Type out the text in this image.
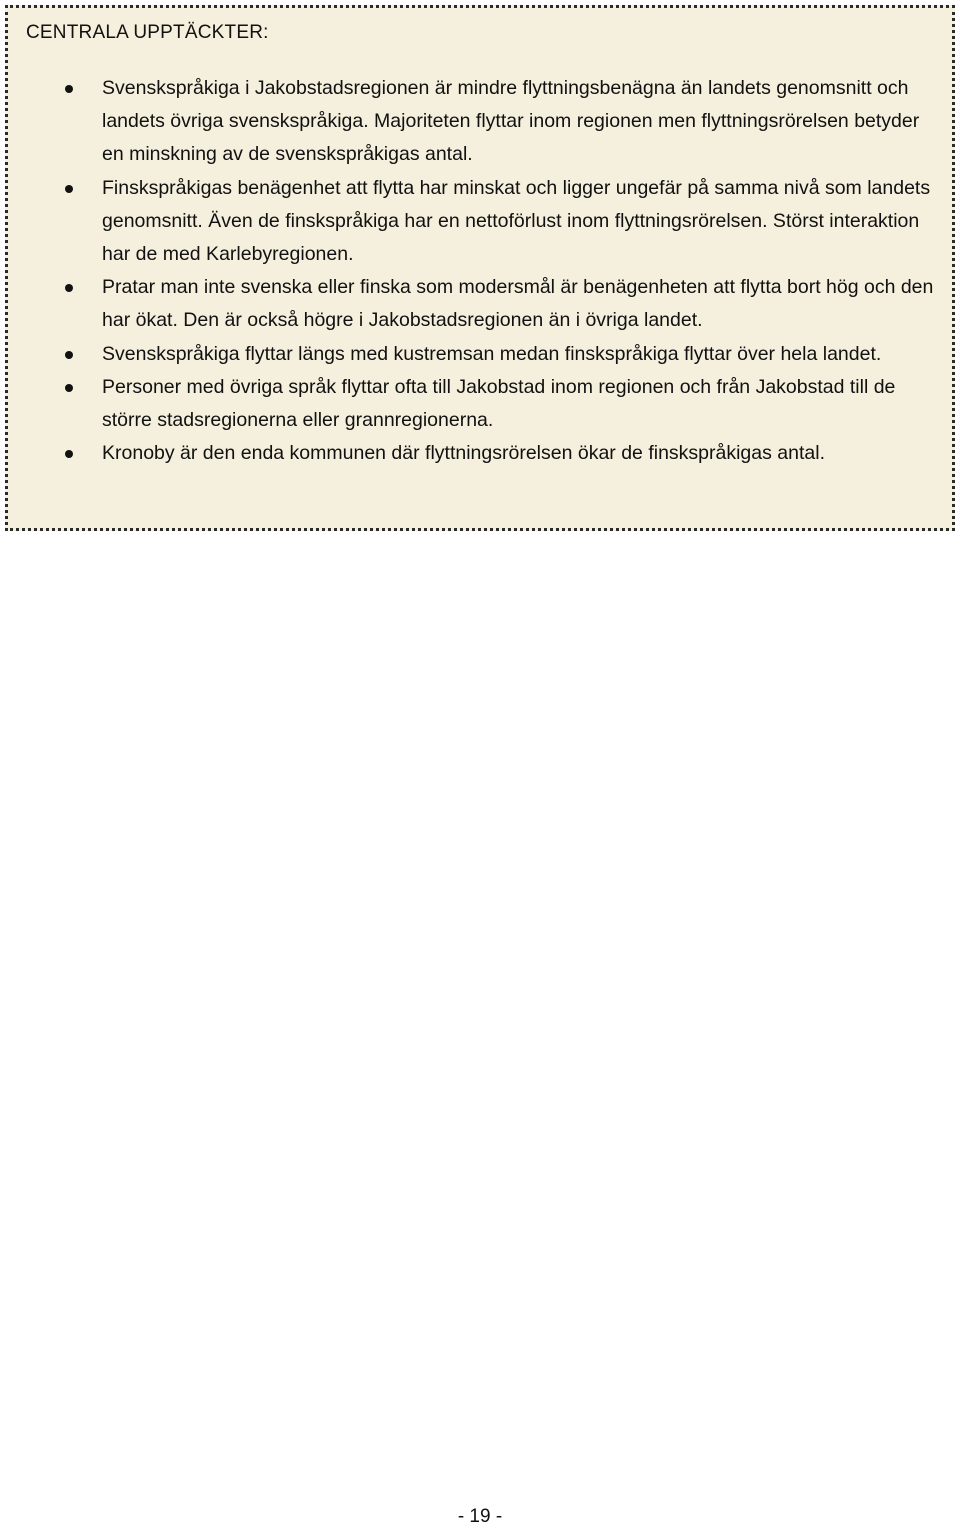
CENTRALA UPPTÄCKTER:
Svenskspråkiga i Jakobstadsregionen är mindre flyttningsbenägna än landets genomsnitt och landets övriga svenskspråkiga. Majoriteten flyttar inom regionen men flyttningsrörelsen betyder en minskning av de svenskspråkigas antal.
Finskspråkigas benägenhet att flytta har minskat och ligger ungefär på samma nivå som landets genomsnitt. Även de finskspråkiga har en nettoförlust inom flyttningsrörelsen. Störst interaktion har de med Karlebyregionen.
Pratar man inte svenska eller finska som modersmål är benägenheten att flytta bort hög och den har ökat. Den är också högre i Jakobstadsregionen än i övriga landet.
Svenskspråkiga flyttar längs med kustremsan medan finskspråkiga flyttar över hela landet.
Personer med övriga språk flyttar ofta till Jakobstad inom regionen och från Jakobstad till de större stadsregionerna eller grannregionerna.
Kronoby är den enda kommunen där flyttningsrörelsen ökar de finskspråkigas antal.
- 19 -
